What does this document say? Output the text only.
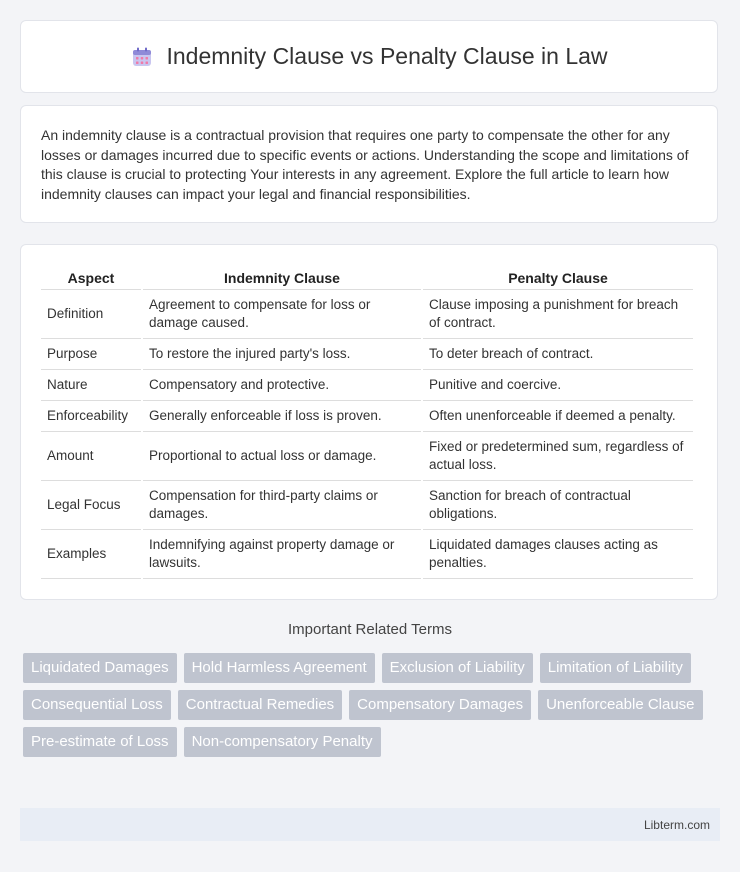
Indemnity Clause vs Penalty Clause in Law

An indemnity clause is a contractual provision that requires one party to compensate the other for any losses or damages incurred due to specific events or actions. Understanding the scope and limitations of this clause is crucial to protecting Your interests in any agreement. Explore the full article to learn how indemnity clauses can impact your legal and financial responsibilities.

Aspect	Indemnity Clause	Penalty Clause
Definition	Agreement to compensate for loss or damage caused.	Clause imposing a punishment for breach of contract.
Purpose	To restore the injured party's loss.	To deter breach of contract.
Nature	Compensatory and protective.	Punitive and coercive.
Enforceability	Generally enforceable if loss is proven.	Often unenforceable if deemed a penalty.
Amount	Proportional to actual loss or damage.	Fixed or predetermined sum, regardless of actual loss.
Legal Focus	Compensation for third-party claims or damages.	Sanction for breach of contractual obligations.
Examples	Indemnifying against property damage or lawsuits.	Liquidated damages clauses acting as penalties.
Important Related Terms
Liquidated Damages	Hold Harmless Agreement	Exclusion of Liability	Limitation of Liability
Consequential Loss	Contractual Remedies	Compensatory Damages	Unenforceable Clause
Pre-estimate of Loss	Non-compensatory Penalty
Libterm.com
